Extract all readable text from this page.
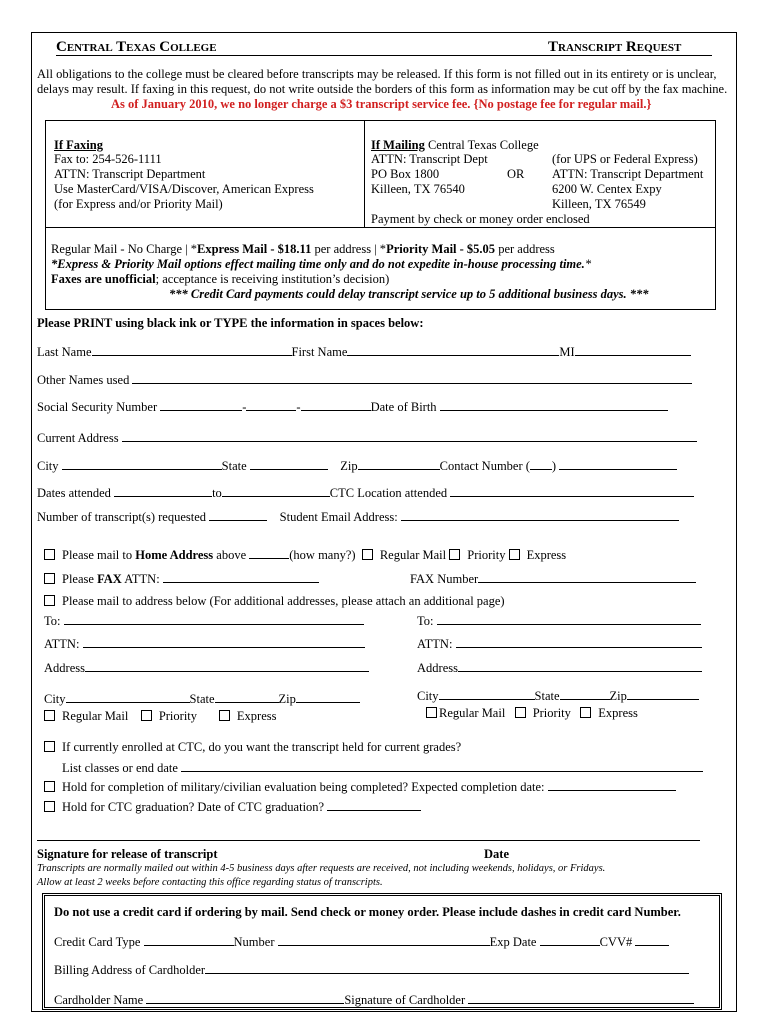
Central Texas College	Transcript Request
All obligations to the college must be cleared before transcripts may be released. If this form is not filled out in its entirety or is unclear,
delays may result. If faxing in this request, do not write outside the borders of this form as information may be cut off by the fax machine.
As of January 2010, we no longer charge a $3 transcript service fee. {No postage fee for regular mail.}
If Faxing
Fax to: 254-526-1111
ATTN: Transcript Department
Use MasterCard/VISA/Discover, American Express
(for Express and/or Priority Mail)
If Mailing Central Texas College
ATTN: Transcript Dept
PO Box 1800	OR
Killeen, TX 76540
Payment by check or money order enclosed
(for UPS or Federal Express)
ATTN: Transcript Department
6200 W. Centex Expy
Killeen, TX 76549
Regular Mail - No Charge | *Express Mail - $18.11 per address | *Priority Mail - $5.05 per address
*Express & Priority Mail options effect mailing time only and do not expedite in-house processing time.*
Faxes are unofficial; acceptance is receiving institution’s decision)
*** Credit Card payments could delay transcript service up to 5 additional business days. ***
Please PRINT using black ink or TYPE the information in spaces below:
Last Name	First Name	MI
Other Names used
Social Security Number	-	-	Date of Birth
Current Address
City	State	Zip	Contact Number ( )
Dates attended	to	CTC Location attended
Number of transcript(s) requested	Student Email Address:
Please mail to Home Address above	(how many?) Regular Mail Priority Express
Please FAX ATTN:	FAX Number
Please mail to address below (For additional addresses, please attach an additional page)
To:
ATTN:
Address
City	State	Zip
Regular Mail Priority	Express
To:
ATTN:
Address
City	State	Zip
Regular Mail Priority Express
If currently enrolled at CTC, do you want the transcript held for current grades?
List classes or end date
Hold for completion of military/civilian evaluation being completed? Expected completion date:
Hold for CTC graduation? Date of CTC graduation?
Signature for release of transcript	Date
Transcripts are normally mailed out within 4-5 business days after requests are received, not including weekends, holidays, or Fridays.
Allow at least 2 weeks before contacting this office regarding status of transcripts.
Do not use a credit card if ordering by mail. Send check or money order. Please include dashes in credit card Number.
Credit Card Type	Number	Exp Date	CVV#
Billing Address of Cardholder
Cardholder Name	Signature of Cardholder
